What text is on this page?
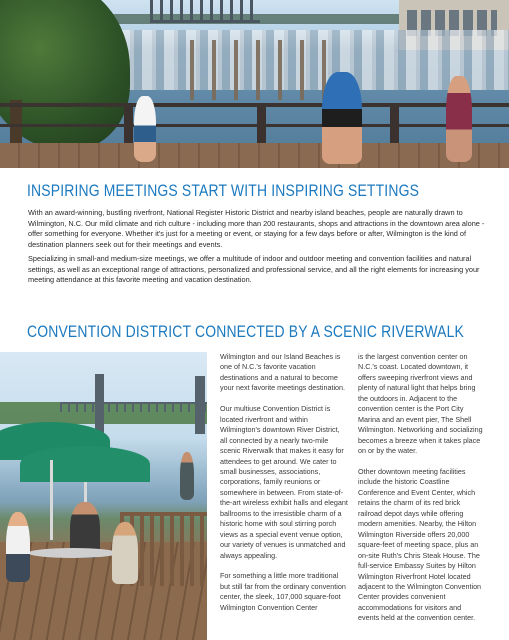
INSPIRING MEETINGS START WITH INSPIRING SETTINGS

With an award-winning, bustling riverfront, National Register Historic District and nearby island beaches, people are naturally drawn to Wilmington, N.C. Our mild climate and rich culture - including more than 200 restaurants, shops and attractions in the downtown area alone - offer something for everyone. Whether it's just for a meeting or event, or staying for a few days before or after, Wilmington is the kind of destination planners seek out for their meetings and events.

Specializing in small-and medium-size meetings, we offer a multitude of indoor and outdoor meeting and convention facilities and natural settings, as well as an exceptional range of attractions, personalized and professional service, and all the right elements for increasing your meeting attendance at this favorite meeting and vacation destination.

CONVENTION DISTRICT CONNECTED BY A SCENIC RIVERWALK

Wilmington and our Island Beaches is one of N.C.'s favorite vacation destinations and a natural to become your next favorite meetings destination.

Our multiuse Convention District is located riverfront and within Wilmington's downtown River District, all connected by a nearly two-mile scenic Riverwalk that makes it easy for attendees to get around. We cater to small businesses, associations, corporations, family reunions or somewhere in between. From state-of-the-art wireless exhibit halls and elegant ballrooms to the irresistible charm of a historic home with soul stirring porch views as a special event venue option, our variety of venues is unmatched and always appealing.

For something a little more traditional but still far from the ordinary convention center, the sleek, 107,000 square-foot Wilmington Convention Center

is the largest convention center on N.C.'s coast. Located downtown, it offers sweeping riverfront views and plenty of natural light that helps bring the outdoors in. Adjacent to the convention center is the Port City Marina and an event pier, The Shell Wilmington. Networking and socializing becomes a breeze when it takes place on or by the water.

Other downtown meeting facilities include the historic Coastline Conference and Event Center, which retains the charm of its red brick railroad depot days while offering modern amenities. Nearby, the Hilton Wilmington Riverside offers 20,000 square-feet of meeting space, plus an on-site Ruth's Chris Steak House. The full-service Embassy Suites by Hilton Wilmington Riverfront Hotel located adjacent to the Wilmington Convention Center provides convenient accommodations for visitors and events held at the convention center.
